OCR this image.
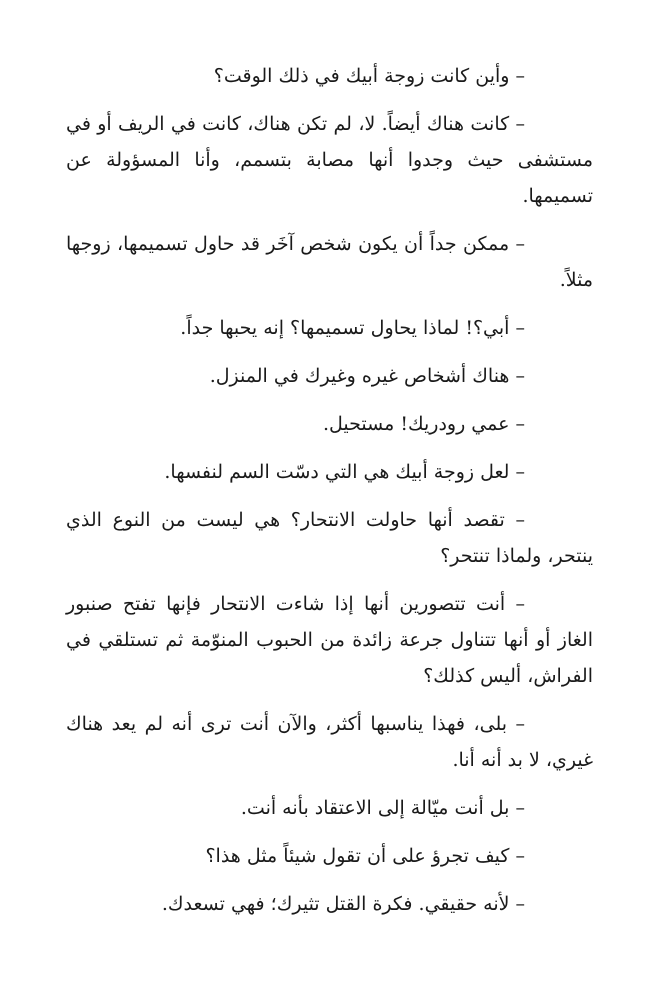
– وأين كانت زوجة أبيك في ذلك الوقت؟

– كانت هناك أيضاً. لا، لم تكن هناك، كانت في الريف أو في مستشفى حيث وجدوا أنها مصابة بتسمم، وأنا المسؤولة عن تسميمها.

– ممكن جداً أن يكون شخص آخَر قد حاول تسميمها، زوجها مثلاً.

– أبي؟! لماذا يحاول تسميمها؟ إنه يحبها جداً.

– هناك أشخاص غيره وغيرك في المنزل.

– عمي رودريك! مستحيل.

– لعل زوجة أبيك هي التي دسّت السم لنفسها.

– تقصد أنها حاولت الانتحار؟ هي ليست من النوع الذي ينتحر، ولماذا تنتحر؟

– أنت تتصورين أنها إذا شاءت الانتحار فإنها تفتح صنبور الغاز أو أنها تتناول جرعة زائدة من الحبوب المنوّمة ثم تستلقي في الفراش، أليس كذلك؟

– بلى، فهذا يناسبها أكثر، والآن أنت ترى أنه لم يعد هناك غيري، لا بد أنه أنا.

– بل أنت ميّالة إلى الاعتقاد بأنه أنت.

– كيف تجرؤ على أن تقول شيئاً مثل هذا؟

– لأنه حقيقي. فكرة القتل تثيرك؛ فهي تسعدك.
